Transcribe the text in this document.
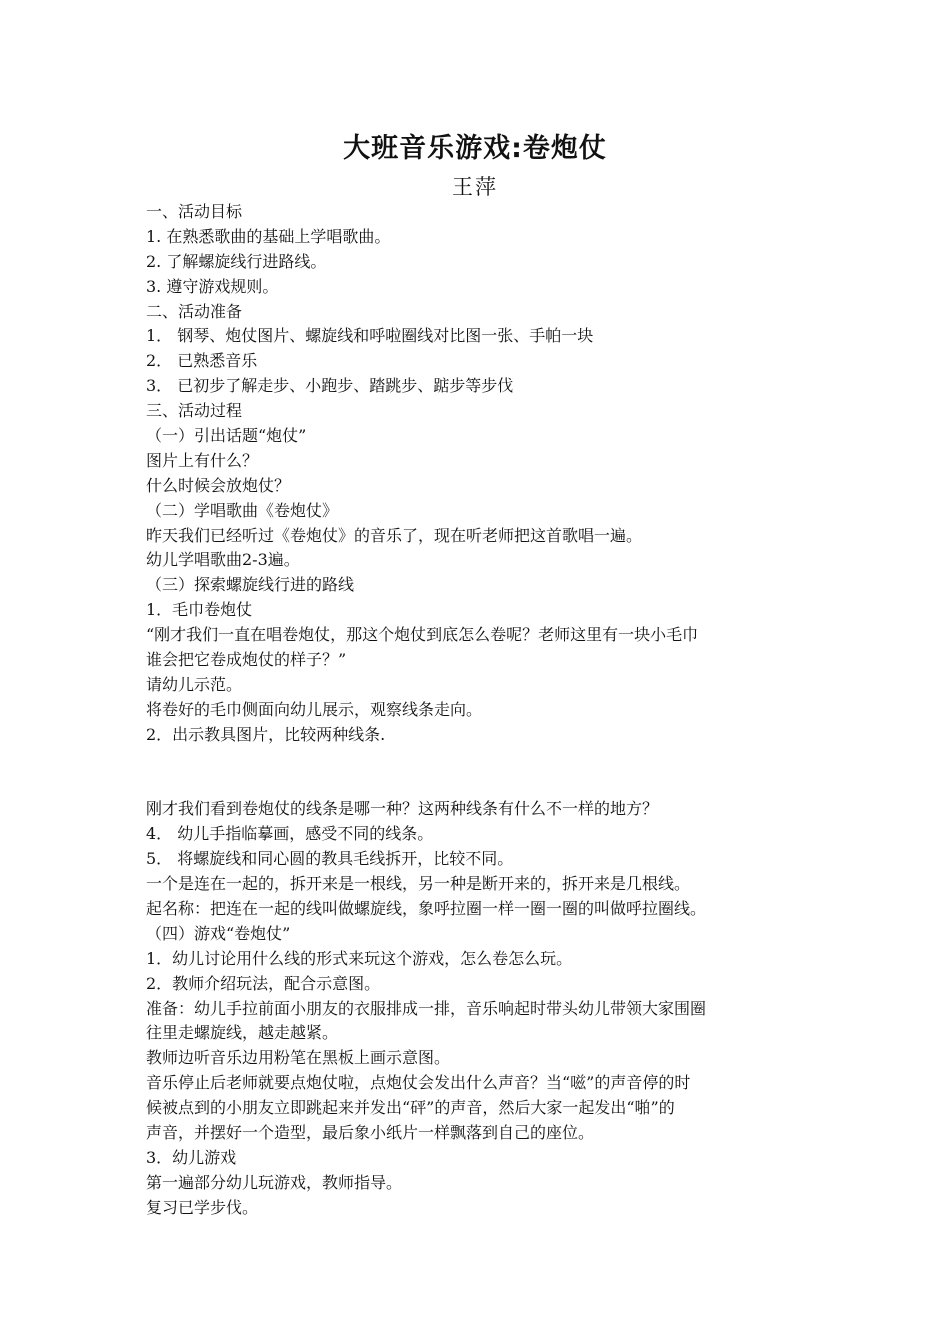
大班音乐游戏:卷炮仗
王萍
一、活动目标
1. 在熟悉歌曲的基础上学唱歌曲。
2. 了解螺旋线行进路线。
3. 遵守游戏规则。
二、活动准备
1． 钢琴、炮仗图片、螺旋线和呼啦圈线对比图一张、手帕一块
2． 已熟悉音乐
3． 已初步了解走步、小跑步、踏跳步、踮步等步伐
三、活动过程
（一）引出话题“炮仗”
图片上有什么？
什么时候会放炮仗？
（二）学唱歌曲《卷炮仗》
昨天我们已经听过《卷炮仗》的音乐了，现在听老师把这首歌唱一遍。
幼儿学唱歌曲2-3遍。
（三）探索螺旋线行进的路线
1．毛巾卷炮仗
“刚才我们一直在唱卷炮仗，那这个炮仗到底怎么卷呢？老师这里有一块小毛巾
谁会把它卷成炮仗的样子？”
请幼儿示范。
将卷好的毛巾侧面向幼儿展示，观察线条走向。
2．出示教具图片，比较两种线条.
刚才我们看到卷炮仗的线条是哪一种？这两种线条有什么不一样的地方？
4． 幼儿手指临摹画，感受不同的线条。
5． 将螺旋线和同心圆的教具毛线拆开，比较不同。
一个是连在一起的，拆开来是一根线，另一种是断开来的，拆开来是几根线。
起名称：把连在一起的线叫做螺旋线，象呼拉圈一样一圈一圈的叫做呼拉圈线。
（四）游戏“卷炮仗”
1．幼儿讨论用什么线的形式来玩这个游戏，怎么卷怎么玩。
2．教师介绍玩法，配合示意图。
准备：幼儿手拉前面小朋友的衣服排成一排，音乐响起时带头幼儿带领大家围圈
往里走螺旋线，越走越紧。
教师边听音乐边用粉笔在黑板上画示意图。
音乐停止后老师就要点炮仗啦，点炮仗会发出什么声音？当“嗞”的声音停的时
候被点到的小朋友立即跳起来并发出“砰”的声音，然后大家一起发出“啪”的
声音，并摆好一个造型，最后象小纸片一样飘落到自己的座位。
3．幼儿游戏
第一遍部分幼儿玩游戏，教师指导。
复习已学步伐。
